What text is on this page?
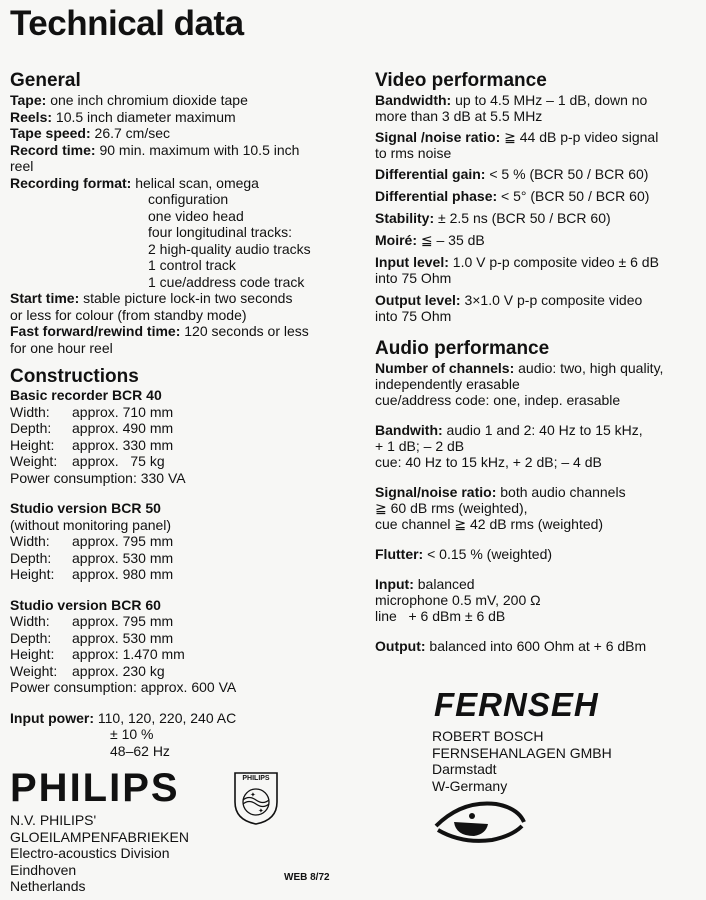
Technical data
General
Tape: one inch chromium dioxide tape
Reels: 10.5 inch diameter maximum
Tape speed: 26.7 cm/sec
Record time: 90 min. maximum with 10.5 inch
reel
Recording format: helical scan, omega
configuration
one video head
four longitudinal tracks:
2 high-quality audio tracks
1 control track
1 cue/address code track
Start time: stable picture lock-in two seconds
or less for colour (from standby mode)
Fast forward/rewind time: 120 seconds or less
for one hour reel
Constructions
Basic recorder BCR 40
Width:	approx. 710 mm
Depth:	approx. 490 mm
Height:	approx. 330 mm
Weight:	approx.   75 kg
Power consumption: 330 VA
Studio version BCR 50
(without monitoring panel)
Width:	approx. 795 mm
Depth:	approx. 530 mm
Height:	approx. 980 mm
Studio version BCR 60
Width:	approx. 795 mm
Depth:	approx. 530 mm
Height:	approx: 1.470 mm
Weight:	approx. 230 kg
Power consumption: approx. 600 VA
Input power: 110, 120, 220, 240 AC
± 10 %
48–62 Hz
Video performance
Bandwidth: up to 4.5 MHz – 1 dB, down no
more than 3 dB at 5.5 MHz
Signal /noise ratio: ≧ 44 dB p-p video signal
to rms noise
Differential gain: < 5 % (BCR 50 / BCR 60)
Differential phase: < 5° (BCR 50 / BCR 60)
Stability: ± 2.5 ns (BCR 50 / BCR 60)
Moiré: ≦ – 35 dB
Input level: 1.0 V p-p composite video ± 6 dB
into 75 Ohm
Output level: 3×1.0 V p-p composite video
into 75 Ohm
Audio performance
Number of channels: audio: two, high quality,
independently erasable
cue/address code: one, indep. erasable
Bandwith: audio 1 and 2: 40 Hz to 15 kHz,
+ 1 dB; – 2 dB
cue: 40 Hz to 15 kHz, + 2 dB; – 4 dB
Signal/noise ratio: both audio channels
≧ 60 dB rms (weighted),
cue channel ≧ 42 dB rms (weighted)
Flutter: < 0.15 % (weighted)
Input: balanced
microphone 0.5 mV, 200 Ω
line   + 6 dBm ± 6 dB
Output: balanced into 600 Ohm at + 6 dBm
FERNSEH
ROBERT BOSCH
FERNSEHANLAGEN GMBH
Darmstadt
W-Germany
PHILIPS	✦
✦
PHILIPS
N.V. PHILIPS'
GLOEILAMPENFABRIEKEN
Electro-acoustics Division
Eindhoven
Netherlands
WEB 8/72
